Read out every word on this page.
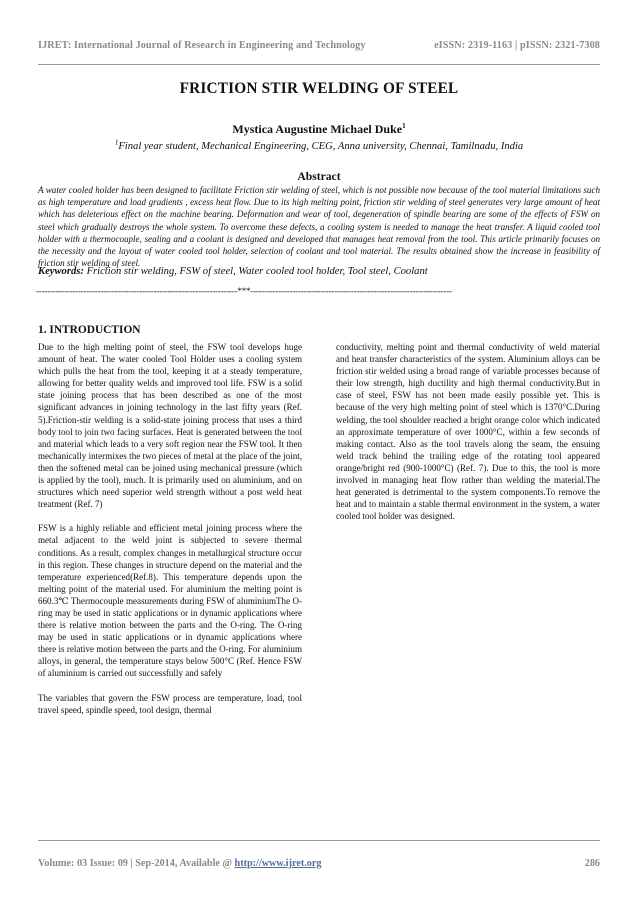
IJRET: International Journal of Research in Engineering and Technology	eISSN: 2319-1163 | pISSN: 2321-7308
FRICTION STIR WELDING OF STEEL
Mystica Augustine Michael Duke$^1$
$^1$Final year student, Mechanical Engineering, CEG, Anna university, Chennai, Tamilnadu, India
Abstract
A water cooled holder has been designed to facilitate Friction stir welding of steel, which is not possible now because of the tool material limitations such as high temperature and load gradients , excess heat flow. Due to its high melting point, friction stir welding of steel generates very large amount of heat which has deleterious effect on the machine bearing. Deformation and wear of tool, degeneration of spindle bearing are some of the effects of FSW on steel which gradually destroys the whole system. To overcome these defects, a cooling system is needed to manage the heat transfer. A liquid cooled tool holder with a thermocouple, sealing and a coolant is designed and developed that manages heat removal from the tool. This article primarily focuses on the necessity and the layout of water cooled tool holder, selection of coolant and tool material. The results obtained show the increase in feasibility of friction stir welding of steel.
Keywords: Friction stir welding, FSW of steel, Water cooled tool holder, Tool steel, Coolant
------------------------------------------------------------------------***------------------------------------------------------------------------
1. INTRODUCTION

Due to the high melting point of steel, the FSW tool develops huge amount of heat. The water cooled Tool Holder uses a cooling system which pulls the heat from the tool, keeping it at a steady temperature, allowing for better quality welds and improved tool life. FSW is a solid state joining process that has been described as one of the most significant advances in joining technology in the last fifty years (Ref. 5).Friction-stir welding is a solid-state joining process that uses a third body tool to join two facing surfaces. Heat is generated between the tool and material which leads to a very soft region near the FSW tool. It then mechanically intermixes the two pieces of metal at the place of the joint, then the softened metal can be joined using mechanical pressure (which is applied by the tool), much. It is primarily used on aluminium, and on structures which need superior weld strength without a post weld heat treatment (Ref. 7)

FSW is a highly reliable and efficient metal joining process where the metal adjacent to the weld joint is subjected to severe thermal conditions. As a result, complex changes in metallurgical structure occur in this region. These changes in structure depend on the material and the temperature experienced(Ref.8). This temperature depends upon the melting point of the material used. For aluminium the melting point is 660.3℃ Thermocouple measurements during FSW of aluminiumThe O-ring may be used in static applications or in dynamic applications where there is relative motion between the parts and the O-ring. The O-ring may be used in static applications or in dynamic applications where there is relative motion between the parts and the O-ring. For aluminium alloys, in general, the temperature stays below 500°C (Ref. Hence FSW of aluminium is carried out successfully and safely

The variables that govern the FSW process are temperature, load, tool travel speed, spindle speed, tool design, thermal

conductivity, melting point and thermal conductivity of weld material and heat transfer characteristics of the system. Aluminium alloys can be friction stir welded using a broad range of variable processes because of their low strength, high ductility and high thermal conductivity.But in case of steel, FSW has not been made easily possible yet. This is because of the very high melting point of steel which is 1370°C.During welding, the tool shoulder reached a bright orange color which indicated an approximate temperature of over 1000°C, within a few seconds of making contact. Also as the tool travels along the seam, the ensuing weld track behind the trailing edge of the rotating tool appeared orange/bright red (900-1000°C) (Ref. 7). Due to this, the tool is more involved in managing heat flow rather than welding the material.The heat generated is detrimental to the system components.To remove the heat and to maintain a stable thermal environment in the system, a water cooled tool holder was designed.

Volume: 03 Issue: 09 | Sep-2014, Available @ http://www.ijret.org	286
